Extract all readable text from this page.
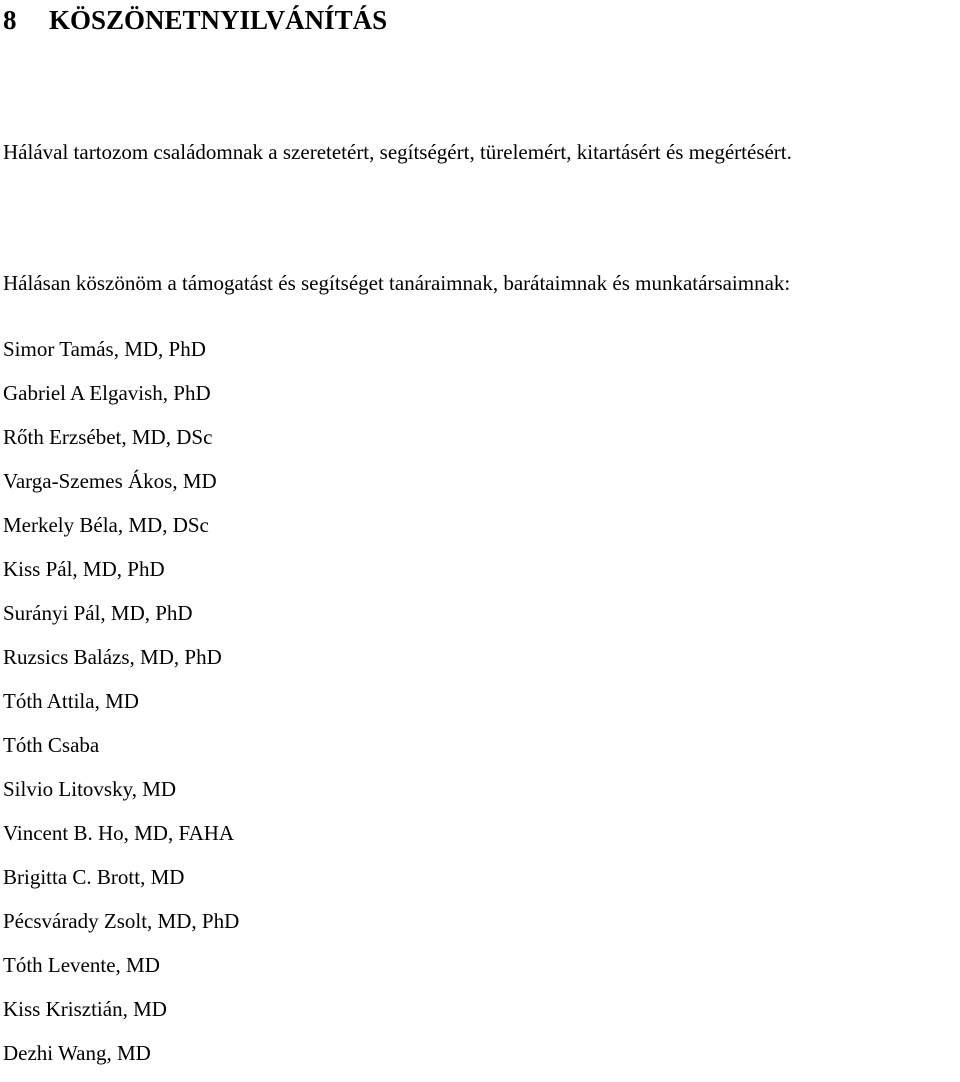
8 KÖSZÖNETNYILVÁNÍTÁS

Hálával tartozom családomnak a szeretetért, segítségért, türelemért, kitartásért és megértésért.

Hálásan köszönöm a támogatást és segítséget tanáraimnak, barátaimnak és munkatársaimnak:

Simor Tamás, MD, PhD
Gabriel A Elgavish, PhD
Rőth Erzsébet, MD, DSc
Varga-Szemes Ákos, MD
Merkely Béla, MD, DSc
Kiss Pál, MD, PhD
Surányi Pál, MD, PhD
Ruzsics Balázs, MD, PhD
Tóth Attila, MD
Tóth Csaba
Silvio Litovsky, MD
Vincent B. Ho, MD, FAHA
Brigitta C. Brott, MD
Pécsvárady Zsolt, MD, PhD
Tóth Levente, MD
Kiss Krisztián, MD
Dezhi Wang, MD
